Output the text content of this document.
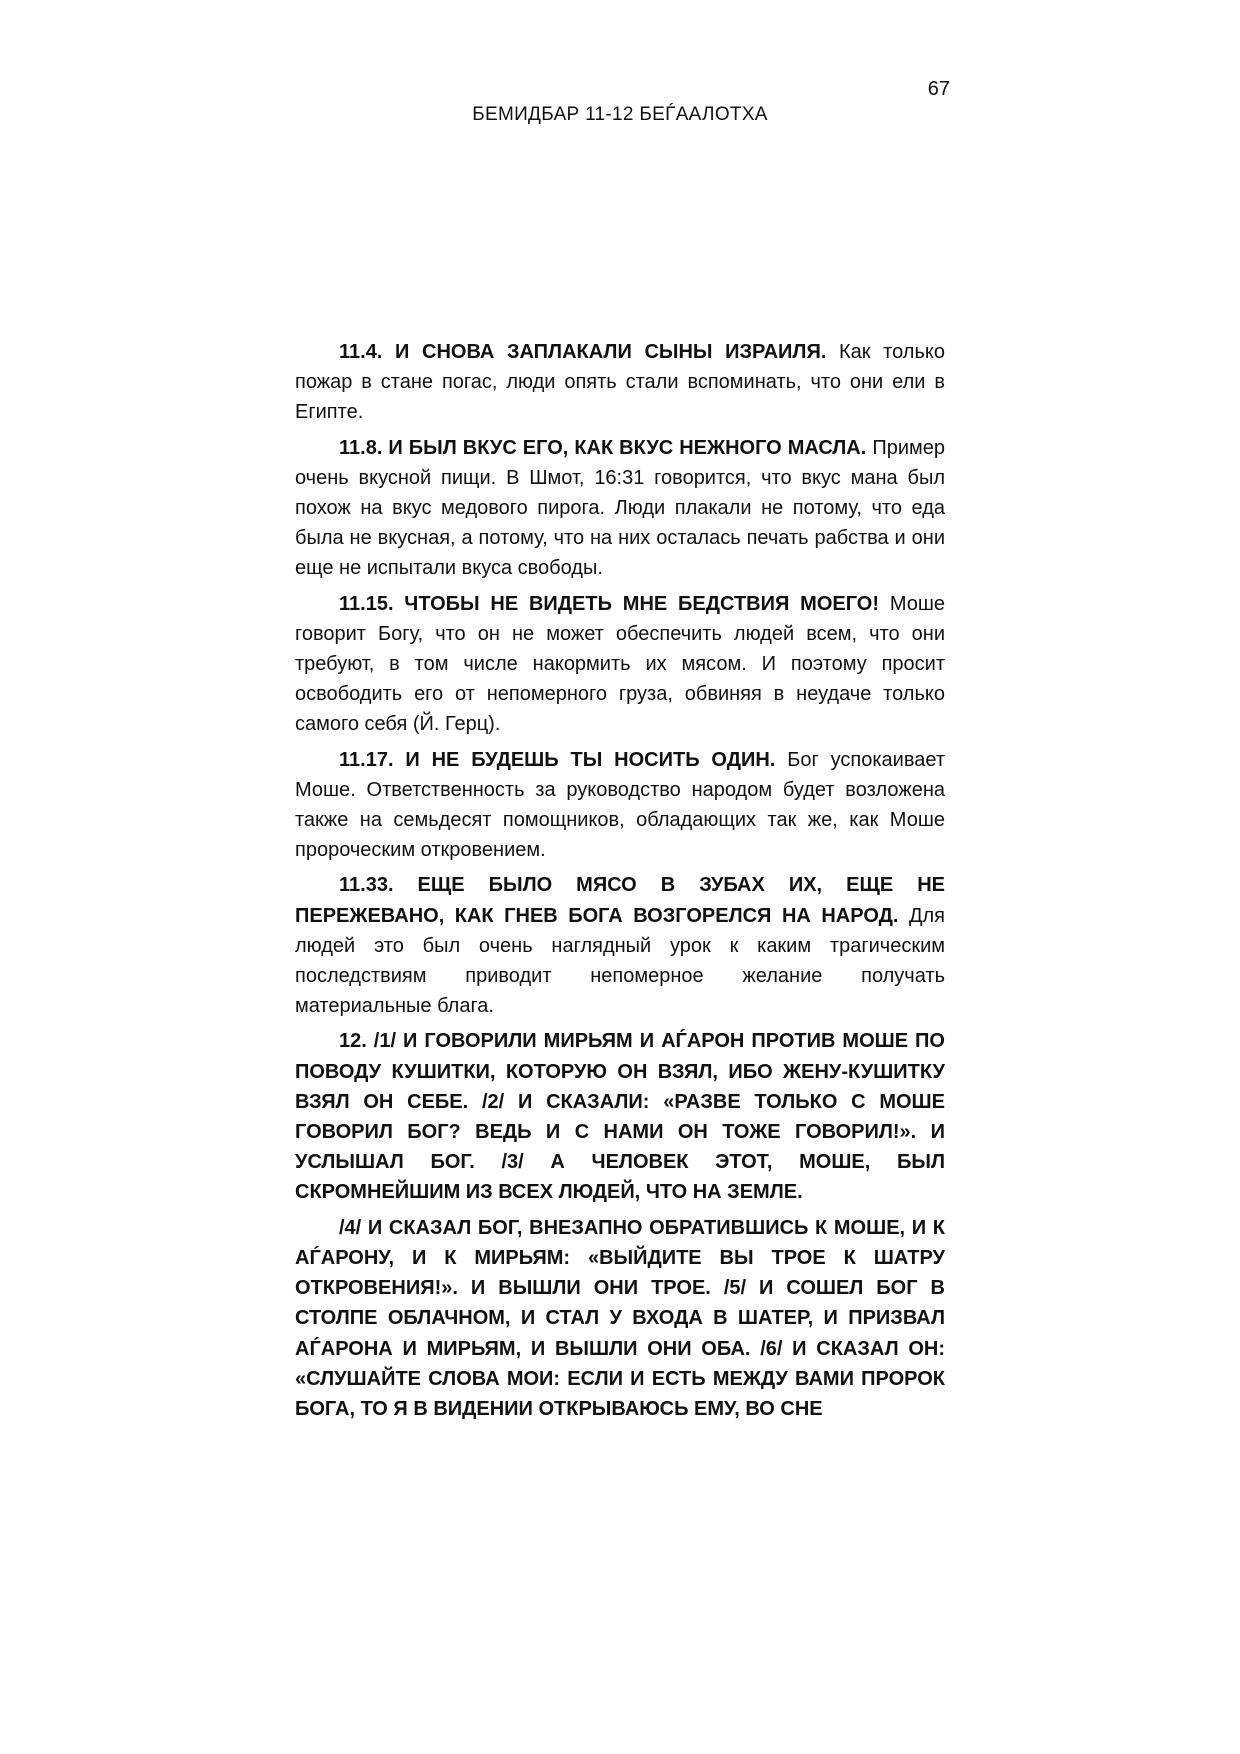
67
БЕМИДБАР 11-12 БЕЃААЛОТХА

11.4. И СНОВА ЗАПЛАКАЛИ СЫНЫ ИЗРАИЛЯ. Как только пожар в стане погас, люди опять стали вспоминать, что они ели в Египте.

11.8. И БЫЛ ВКУС ЕГО, КАК ВКУС НЕЖНОГО МАСЛА. Пример очень вкусной пищи. В Шмот, 16:31 говорится, что вкус мана был похож на вкус медового пирога. Люди плакали не потому, что еда была не вкусная, а потому, что на них осталась печать рабства и они еще не испытали вкуса свободы.

11.15. ЧТОБЫ НЕ ВИДЕТЬ МНЕ БЕДСТВИЯ МОЕГО! Моше говорит Богу, что он не может обеспечить людей всем, что они требуют, в том числе накормить их мясом. И поэтому просит освободить его от непомерного груза, обвиняя в неудаче только самого себя (Й. Герц).

11.17. И НЕ БУДЕШЬ ТЫ НОСИТЬ ОДИН. Бог успокаивает Моше. Ответственность за руководство народом будет возложена также на семьдесят помощников, обладающих так же, как Моше пророческим откровением.

11.33. ЕЩЕ БЫЛО МЯСО В ЗУБАХ ИХ, ЕЩЕ НЕ ПЕРЕЖЕВАНО, КАК ГНЕВ БОГА ВОЗГОРЕЛСЯ НА НАРОД. Для людей это был очень наглядный урок к каким трагическим последствиям приводит непомерное желание получать материальные блага.

12. /1/ И ГОВОРИЛИ МИРЬЯМ И АЃАРОН ПРОТИВ МОШЕ ПО ПОВОДУ КУШИТКИ, КОТОРУЮ ОН ВЗЯЛ, ИБО ЖЕНУ-КУШИТКУ ВЗЯЛ ОН СЕБЕ. /2/ И СКАЗАЛИ: «РАЗВЕ ТОЛЬКО С МОШЕ ГОВОРИЛ БОГ? ВЕДЬ И С НАМИ ОН ТОЖЕ ГОВОРИЛ!». И УСЛЫШАЛ БОГ. /3/ А ЧЕЛОВЕК ЭТОТ, МОШЕ, БЫЛ СКРОМНЕЙШИМ ИЗ ВСЕХ ЛЮДЕЙ, ЧТО НА ЗЕМЛЕ.

/4/ И СКАЗАЛ БОГ, ВНЕЗАПНО ОБРАТИВШИСЬ К МОШЕ, И К АЃАРОНУ, И К МИРЬЯМ: «ВЫЙДИТЕ ВЫ ТРОЕ К ШАТРУ ОТКРОВЕНИЯ!». И ВЫШЛИ ОНИ ТРОЕ. /5/ И СОШЕЛ БОГ В СТОЛПЕ ОБЛАЧНОМ, И СТАЛ У ВХОДА В ШАТЕР, И ПРИЗВАЛ АЃАРОНА И МИРЬЯМ, И ВЫШЛИ ОНИ ОБА. /6/ И СКАЗАЛ ОН: «СЛУШАЙТЕ СЛОВА МОИ: ЕСЛИ И ЕСТЬ МЕЖДУ ВАМИ ПРОРОК БОГА, ТО Я В ВИДЕНИИ ОТКРЫВАЮСЬ ЕМУ, ВО СНЕ
